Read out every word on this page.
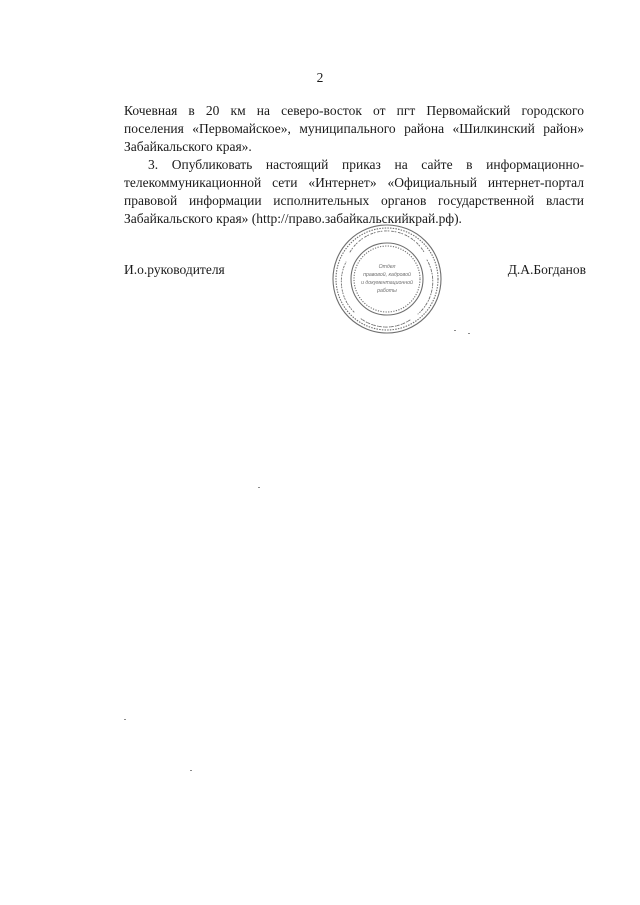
2
Кочевная в 20 км на северо-восток от пгт Первомайский городского
поселения «Первомайское», муниципального района «Шилкинский район»
Забайкальского края».
3. Опубликовать настоящий приказ на сайте в информационно-
телекоммуникационной сети «Интернет» «Официальный интернет-портал
правовой информации исполнительных органов государственной власти
Забайкальского края» (http://право.забайкальскийкрай.рф).
И.о.руководителя	Отдел
правовой, кадровой
и документационной
работы
Д.А.Богданов
